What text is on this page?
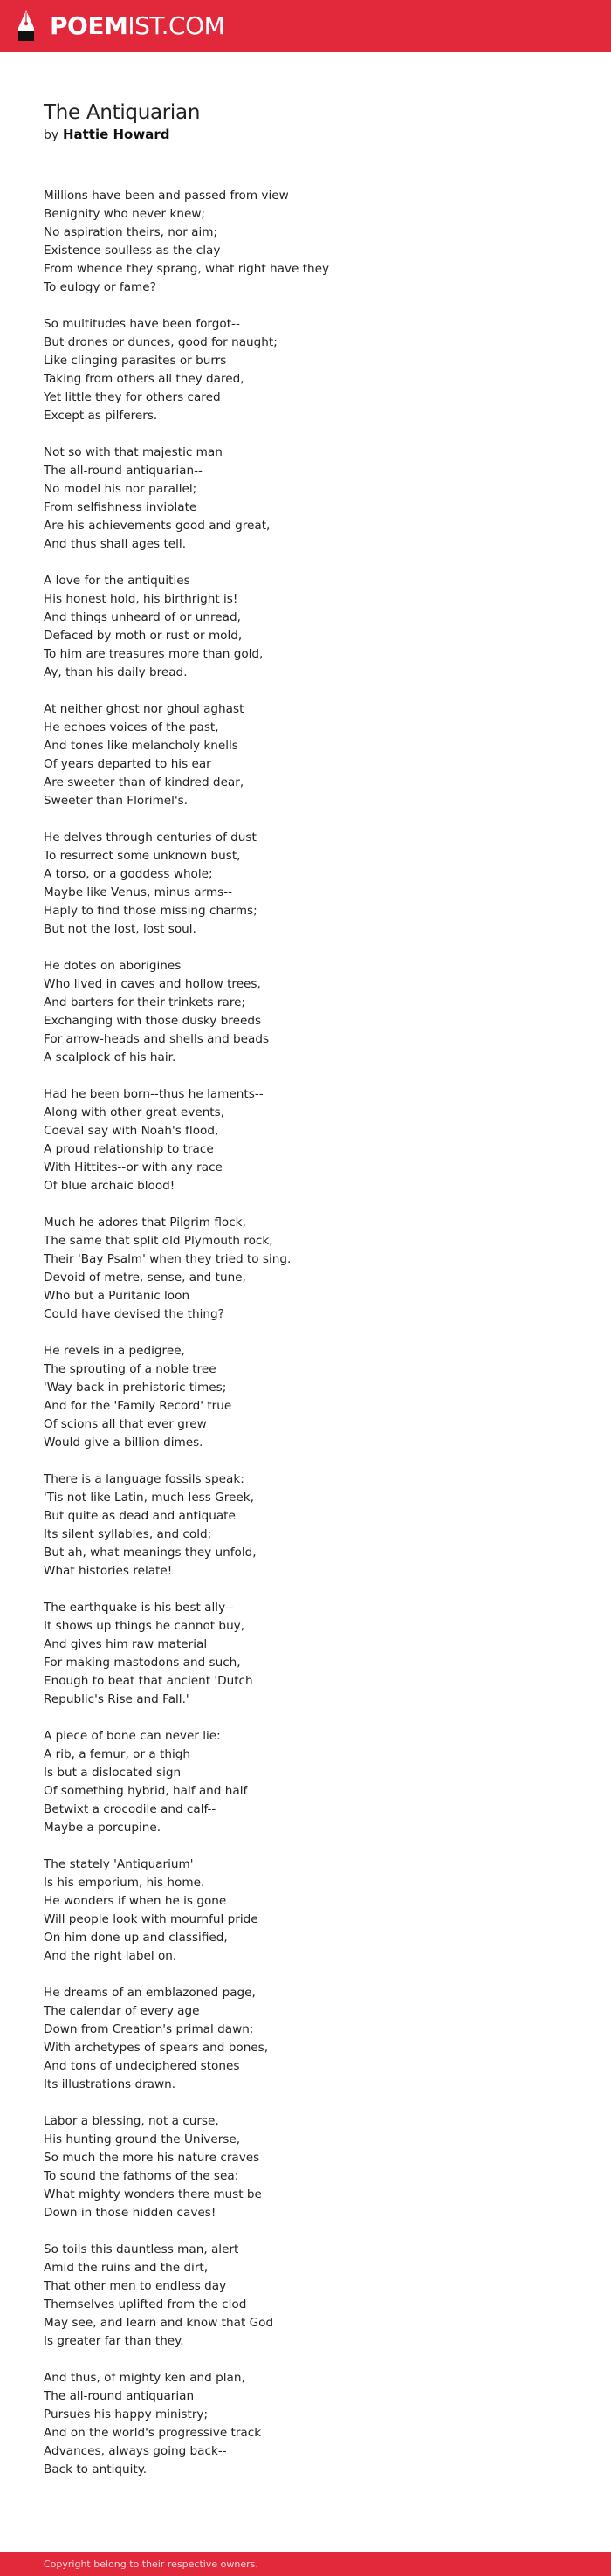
POEMIST.COM
The Antiquarian

by Hattie Howard

Millions have been and passed from view
Benignity who never knew;
No aspiration theirs, nor aim;
Existence soulless as the clay
From whence they sprang, what right have they
To eulogy or fame?

So multitudes have been forgot--
But drones or dunces, good for naught;
Like clinging parasites or burrs
Taking from others all they dared,
Yet little they for others cared
Except as pilferers.

Not so with that majestic man
The all-round antiquarian--
No model his nor parallel;
From selfishness inviolate
Are his achievements good and great,
And thus shall ages tell.

A love for the antiquities
His honest hold, his birthright is!
And things unheard of or unread,
Defaced by moth or rust or mold,
To him are treasures more than gold,
Ay, than his daily bread.

At neither ghost nor ghoul aghast
He echoes voices of the past,
And tones like melancholy knells
Of years departed to his ear
Are sweeter than of kindred dear,
Sweeter than Florimel's.

He delves through centuries of dust
To resurrect some unknown bust,
A torso, or a goddess whole;
Maybe like Venus, minus arms--
Haply to find those missing charms;
But not the lost, lost soul.

He dotes on aborigines
Who lived in caves and hollow trees,
And barters for their trinkets rare;
Exchanging with those dusky breeds
For arrow-heads and shells and beads
A scalplock of his hair.

Had he been born--thus he laments--
Along with other great events,
Coeval say with Noah's flood,
A proud relationship to trace
With Hittites--or with any race
Of blue archaic blood!

Much he adores that Pilgrim flock,
The same that split old Plymouth rock,
Their 'Bay Psalm' when they tried to sing.
Devoid of metre, sense, and tune,
Who but a Puritanic loon
Could have devised the thing?

He revels in a pedigree,
The sprouting of a noble tree
'Way back in prehistoric times;
And for the 'Family Record' true
Of scions all that ever grew
Would give a billion dimes.

There is a language fossils speak:
'Tis not like Latin, much less Greek,
But quite as dead and antiquate
Its silent syllables, and cold;
But ah, what meanings they unfold,
What histories relate!

The earthquake is his best ally--
It shows up things he cannot buy,
And gives him raw material
For making mastodons and such,
Enough to beat that ancient 'Dutch
Republic's Rise and Fall.'

A piece of bone can never lie:
A rib, a femur, or a thigh
Is but a dislocated sign
Of something hybrid, half and half
Betwixt a crocodile and calf--
Maybe a porcupine.

The stately 'Antiquarium'
Is his emporium, his home.
He wonders if when he is gone
Will people look with mournful pride
On him done up and classified,
And the right label on.

He dreams of an emblazoned page,
The calendar of every age
Down from Creation's primal dawn;
With archetypes of spears and bones,
And tons of undeciphered stones
Its illustrations drawn.

Labor a blessing, not a curse,
His hunting ground the Universe,
So much the more his nature craves
To sound the fathoms of the sea:
What mighty wonders there must be
Down in those hidden caves!

So toils this dauntless man, alert
Amid the ruins and the dirt,
That other men to endless day
Themselves uplifted from the clod
May see, and learn and know that God
Is greater far than they.

And thus, of mighty ken and plan,
The all-round antiquarian
Pursues his happy ministry;
And on the world's progressive track
Advances, always going back--
Back to antiquity.

Copyright belong to their respective owners.
